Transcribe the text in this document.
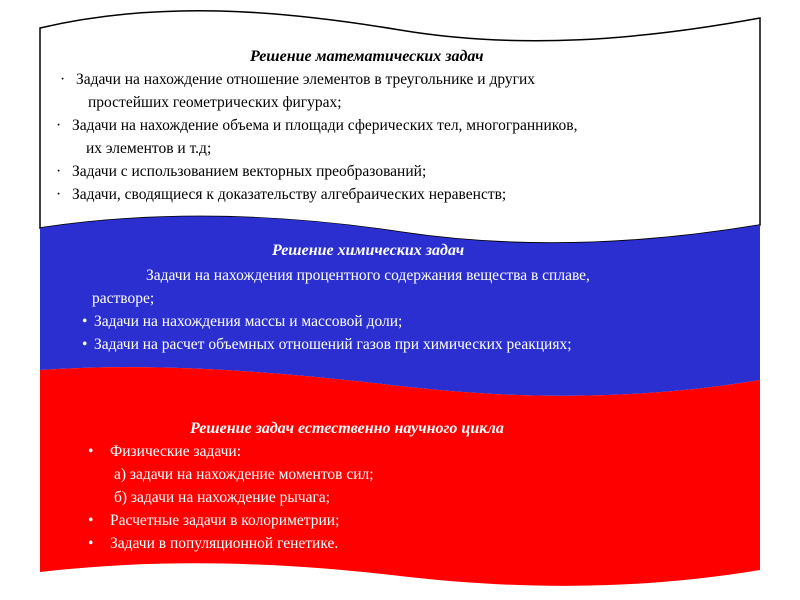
Решение математических задач
· Задачи на нахождение отношение элементов в треугольнике и других
простейших геометрических фигурах;
· Задачи на нахождение объема и площади сферических тел, многогранников,
их элементов и т.д;
· Задачи с использованием векторных преобразований;
· Задачи, сводящиеся к доказательству алгебраических неравенств;
Решение химических задач
Задачи на нахождения процентного содержания вещества в сплаве,
растворе;
• Задачи на нахождения массы и массовой доли;
• Задачи на расчет объемных отношений газов при химических реакциях;
Решение задач естественно научного цикла
• Физические задачи:
а) задачи на нахождение моментов сил;
б) задачи на нахождение рычага;
• Расчетные задачи в колориметрии;
• Задачи в популяционной генетике.
